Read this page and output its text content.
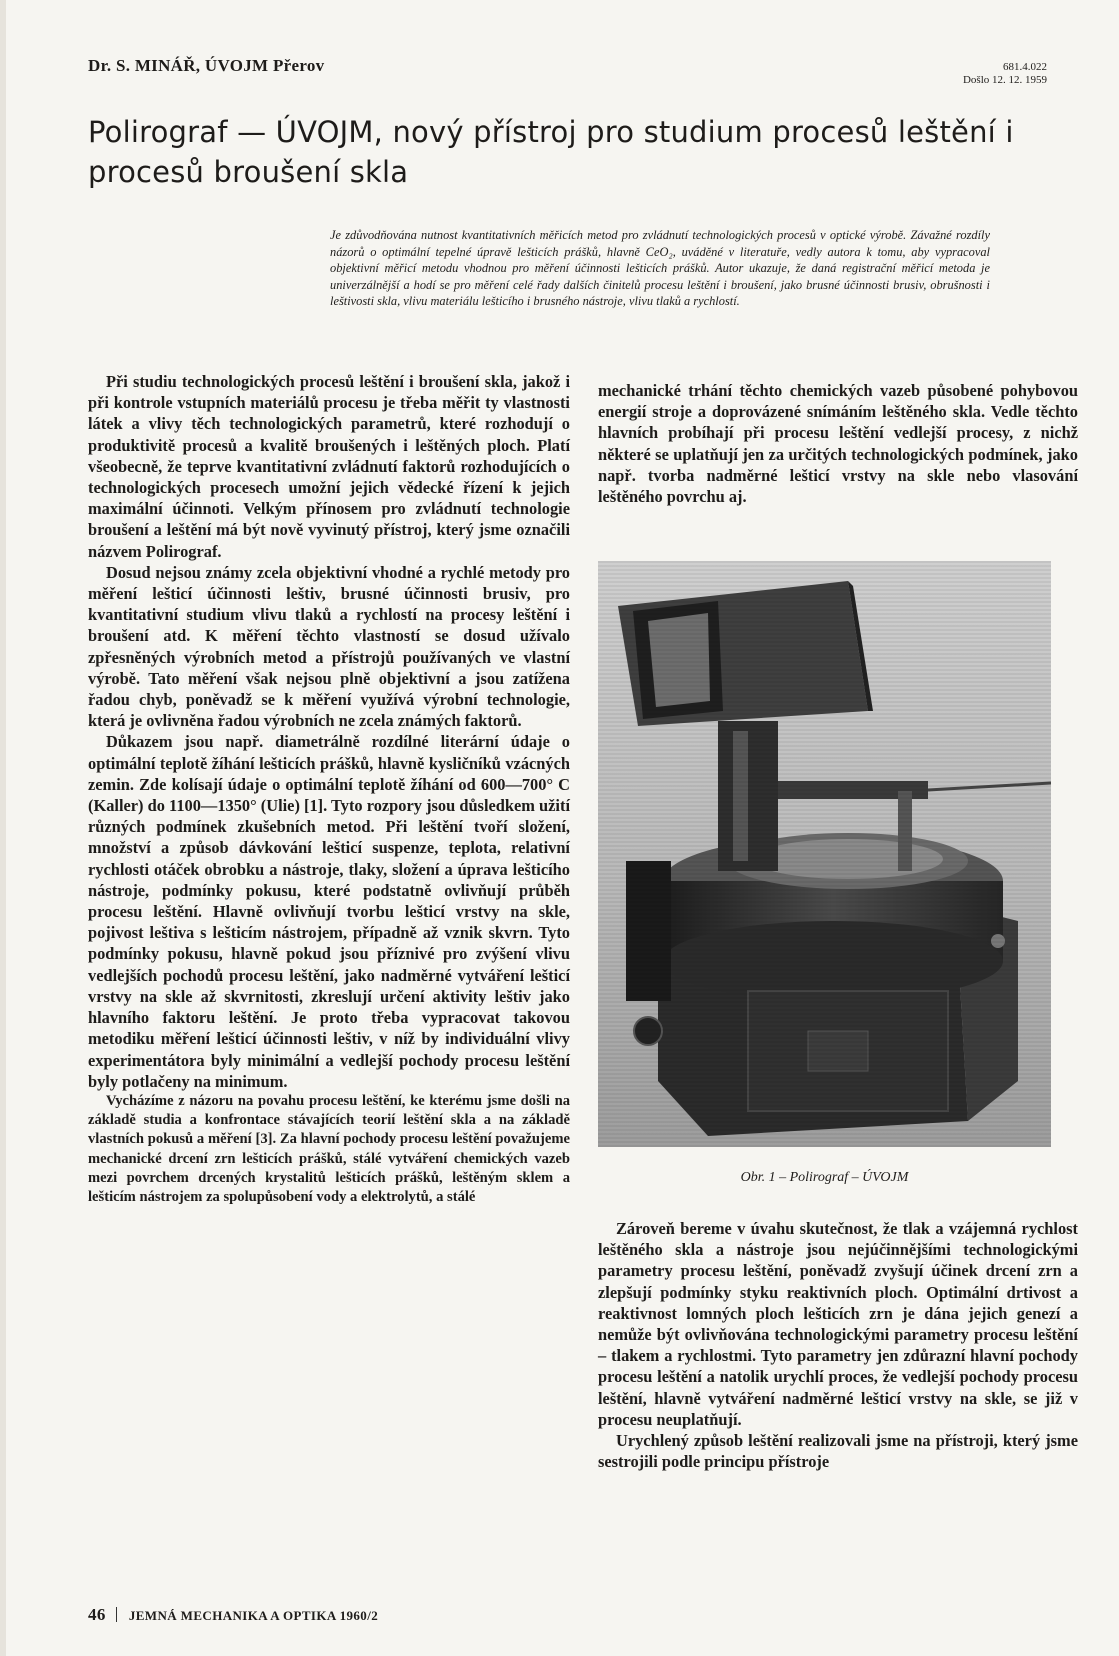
Dr. S. MINÁŘ, ÚVOJM Přerov	681.4.022
Došlo 12. 12. 1959
Polirograf — ÚVOJM, nový přístroj pro studium procesů leštění i procesů broušení skla

Je zdůvodňována nutnost kvantitativních měřicích metod pro zvládnutí technologických procesů v optické výrobě. Závažné rozdíly názorů o optimální tepelné úpravě lešticích prášků, hlavně CeO₂, uváděné v literatuře, vedly autora k tomu, aby vypracoval objektivní měřicí metodu vhodnou pro měření účinnosti lešticích prášků. Autor ukazuje, že daná registrační měřicí metoda je univerzálnější a hodí se pro měření celé řady dalších činitelů procesu leštění i broušení, jako brusné účinnosti brusiv, obrušnosti i leštivosti skla, vlivu materiálu lešticího i brusného nástroje, vlivu tlaků a rychlostí.

Při studiu technologických procesů leštění i broušení skla, jakož i při kontrole vstupních materiálů procesu je třeba měřit ty vlastnosti látek a vlivy těch technologických parametrů, které rozhodují o produktivitě procesů a kvalitě broušených i leštěných ploch. Platí všeobecně, že teprve kvantitativní zvládnutí faktorů rozhodujících o technologických procesech umožní jejich vědecké řízení k jejich maximální účinnoti. Velkým přínosem pro zvládnutí technologie broušení a leštění má být nově vyvinutý přístroj, který jsme označili názvem Polirograf.

Dosud nejsou známy zcela objektivní vhodné a rychlé metody pro měření lešticí účinnosti leštiv, brusné účinnosti brusiv, pro kvantitativní studium vlivu tlaků a rychlostí na procesy leštění i broušení atd. K měření těchto vlastností se dosud užívalo zpřesněných výrobních metod a přístrojů používaných ve vlastní výrobě. Tato měření však nejsou plně objektivní a jsou zatížena řadou chyb, poněvadž se k měření využívá výrobní technologie, která je ovlivněna řadou výrobních ne zcela známých faktorů.

Důkazem jsou např. diametrálně rozdílné literární údaje o optimální teplotě žíhání lešticích prášků, hlavně kysličníků vzácných zemin. Zde kolísají údaje o optimální teplotě žíhání od 600—700° C (Kaller) do 1100—1350° (Ulie) [1]. Tyto rozpory jsou důsledkem užití různých podmínek zkušebních metod. Při leštění tvoří složení, množství a způsob dávkování lešticí suspenze, teplota, relativní rychlosti otáček obrobku a nástroje, tlaky, složení a úprava lešticího nástroje, podmínky pokusu, které podstatně ovlivňují průběh procesu leštění. Hlavně ovlivňují tvorbu lešticí vrstvy na skle, pojivost leštiva s lešticím nástrojem, případně až vznik skvrn. Tyto podmínky pokusu, hlavně pokud jsou příznivé pro zvýšení vlivu vedlejších pochodů procesu leštění, jako nadměrné vytváření lešticí vrstvy na skle až skvrnitosti, zkreslují určení aktivity leštiv jako hlavního faktoru leštění. Je proto třeba vypracovat takovou metodiku měření lešticí účinnosti leštiv, v níž by individuální vlivy experimentátora byly minimální a vedlejší pochody procesu leštění byly potlačeny na minimum.

Vycházíme z názoru na povahu procesu leštění, ke kterému jsme došli na základě studia a konfrontace stávajících teorií leštění skla a na základě vlastních pokusů a měření [3]. Za hlavní pochody procesu leštění považujeme mechanické drcení zrn lešticích prášků, stálé vytváření chemických vazeb mezi povrchem drcených krystalitů lešticích prášků, leštěným sklem a lešticím nástrojem za spolupůsobení vody a elektrolytů, a stálé

mechanické trhání těchto chemických vazeb působené pohybovou energií stroje a doprovázené snímáním leštěného skla. Vedle těchto hlavních probíhají při procesu leštění vedlejší procesy, z nichž některé se uplatňují jen za určitých technologických podmínek, jako např. tvorba nadměrné lešticí vrstvy na skle nebo vlasování leštěného povrchu aj.

Obr. 1 – Polirograf – ÚVOJM

Zároveň bereme v úvahu skutečnost, že tlak a vzájemná rychlost leštěného skla a nástroje jsou nejúčinnějšími technologickými parametry procesu leštění, poněvadž zvyšují účinek drcení zrn a zlepšují podmínky styku reaktivních ploch. Optimální drtivost a reaktivnost lomných ploch lešticích zrn je dána jejich genezí a nemůže být ovlivňována technologickými parametry procesu leštění – tlakem a rychlostmi. Tyto parametry jen zdůrazní hlavní pochody procesu leštění a natolik urychlí proces, že vedlejší pochody procesu leštění, hlavně vytváření nadměrné lešticí vrstvy na skle, se již v procesu neuplatňují.

Urychlený způsob leštění realizovali jsme na přístroji, který jsme sestrojili podle principu přístroje

46 JEMNÁ MECHANIKA A OPTIKA 1960/2
